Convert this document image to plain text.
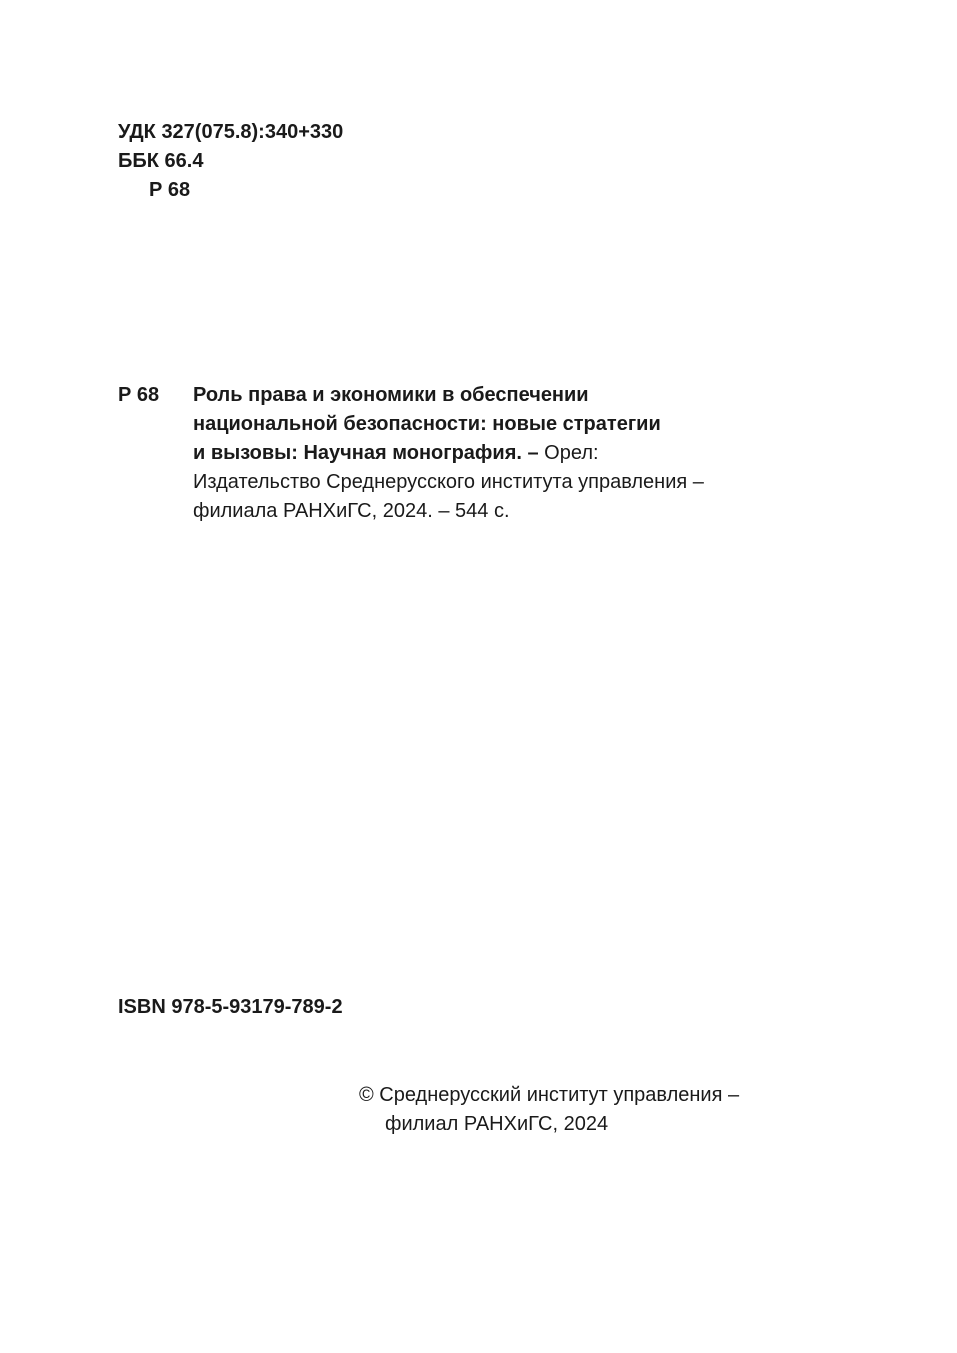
УДК 327(075.8):340+330
ББК 66.4
Р 68
Р 68 Роль права и экономики в обеспечении
национальной безопасности: новые стратегии
и вызовы: Научная монография. – Орел:
Издательство Среднерусского института управления –
филиала РАНХиГС, 2024. – 544 с.
ISBN 978-5-93179-789-2
© Среднерусский институт управления –
филиал РАНХиГС, 2024
